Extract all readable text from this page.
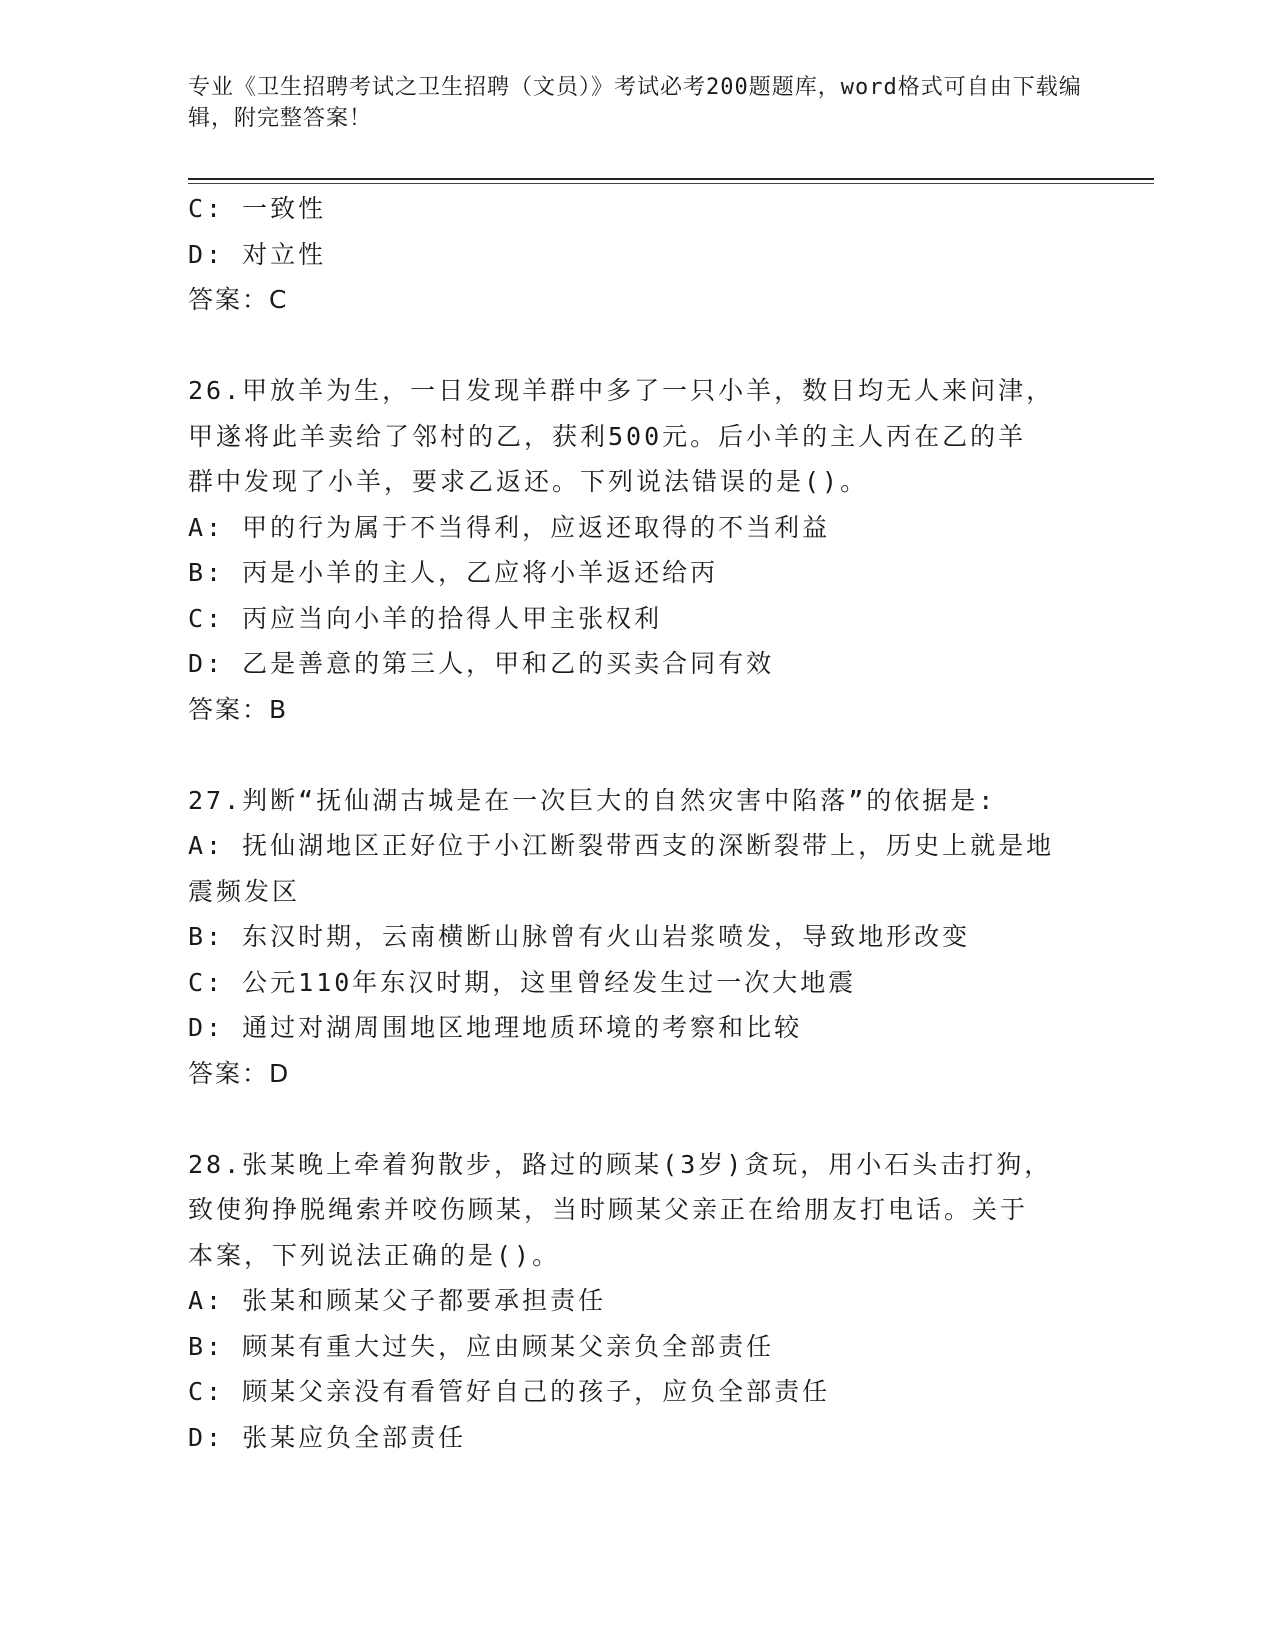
专业《卫生招聘考试之卫生招聘（文员）》考试必考200题题库，word格式可自由下载编辑，附完整答案！
C: 一致性
D: 对立性
答案：C
26.甲放羊为生，一日发现羊群中多了一只小羊，数日均无人来问津，
甲遂将此羊卖给了邻村的乙，获利500元。后小羊的主人丙在乙的羊
群中发现了小羊，要求乙返还。下列说法错误的是()。
A: 甲的行为属于不当得利，应返还取得的不当利益
B: 丙是小羊的主人，乙应将小羊返还给丙
C: 丙应当向小羊的拾得人甲主张权利
D: 乙是善意的第三人，甲和乙的买卖合同有效
答案：B
27.判断“抚仙湖古城是在一次巨大的自然灾害中陷落”的依据是:
A: 抚仙湖地区正好位于小江断裂带西支的深断裂带上，历史上就是地
震频发区
B: 东汉时期，云南横断山脉曾有火山岩浆喷发，导致地形改变
C: 公元110年东汉时期，这里曾经发生过一次大地震
D: 通过对湖周围地区地理地质环境的考察和比较
答案：D
28.张某晚上牵着狗散步，路过的顾某(3岁)贪玩，用小石头击打狗，
致使狗挣脱绳索并咬伤顾某，当时顾某父亲正在给朋友打电话。关于
本案，下列说法正确的是()。
A: 张某和顾某父子都要承担责任
B: 顾某有重大过失，应由顾某父亲负全部责任
C: 顾某父亲没有看管好自己的孩子，应负全部责任
D: 张某应负全部责任
